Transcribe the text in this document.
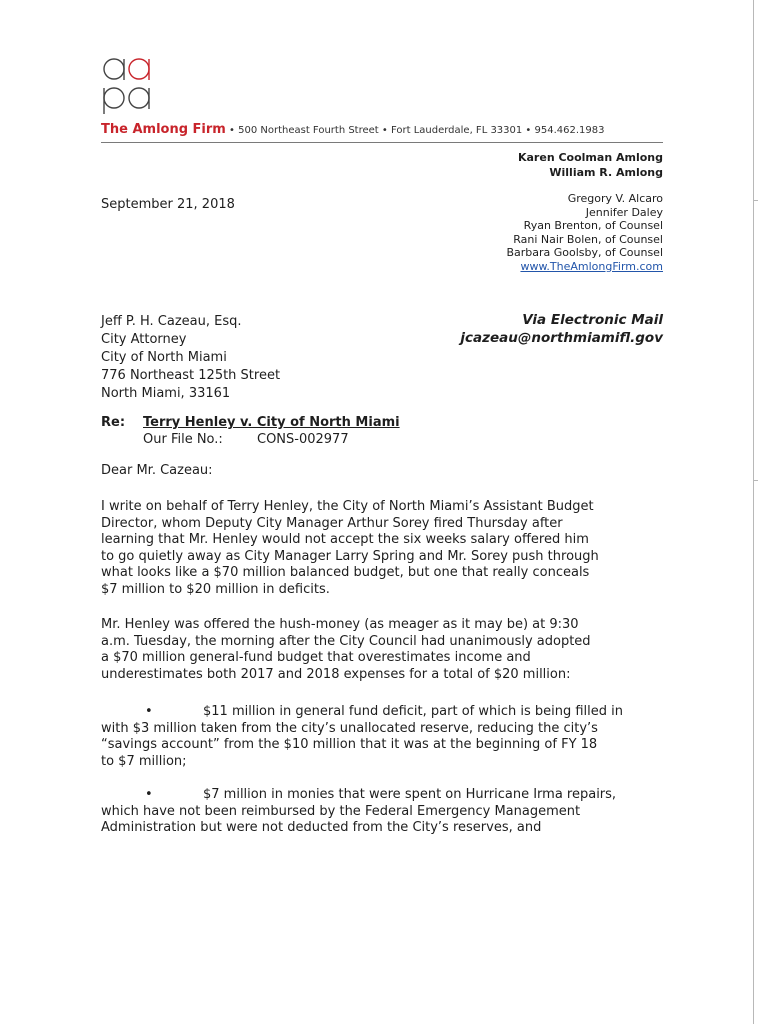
The Amlong Firm • 500 Northeast Fourth Street • Fort Lauderdale, FL 33301 • 954.462.1983
Karen Coolman Amlong
William R. Amlong
Gregory V. Alcaro
Jennifer Daley
Ryan Brenton, of Counsel
Rani Nair Bolen, of Counsel
Barbara Goolsby, of Counsel
www.TheAmlongFirm.com
September 21, 2018
Jeff P. H. Cazeau, Esq.
City Attorney
City of North Miami
776 Northeast 125th Street
North Miami, 33161
Via Electronic Mail
jcazeau@northmiamifl.gov
Re: Terry Henley v. City of North Miami
Our File No.:	CONS-002977
Dear Mr. Cazeau:
I write on behalf of Terry Henley, the City of North Miami’s Assistant Budget
Director, whom Deputy City Manager Arthur Sorey fired Thursday after
learning that Mr. Henley would not accept the six weeks salary offered him
to go quietly away as City Manager Larry Spring and Mr. Sorey push through
what looks like a $70 million balanced budget, but one that really conceals
$7 million to $20 million in deficits.
Mr. Henley was offered the hush-money (as meager as it may be) at 9:30
a.m. Tuesday, the morning after the City Council had unanimously adopted
a $70 million general-fund budget that overestimates income and
underestimates both 2017 and 2018 expenses for a total of $20 million:
•	$11 million in general fund deficit, part of which is being filled in
with $3 million taken from the city’s unallocated reserve, reducing the city’s
“savings account” from the $10 million that it was at the beginning of FY 18
to $7 million;
•	$7 million in monies that were spent on Hurricane Irma repairs,
which have not been reimbursed by the Federal Emergency Management
Administration but were not deducted from the City’s reserves, and
